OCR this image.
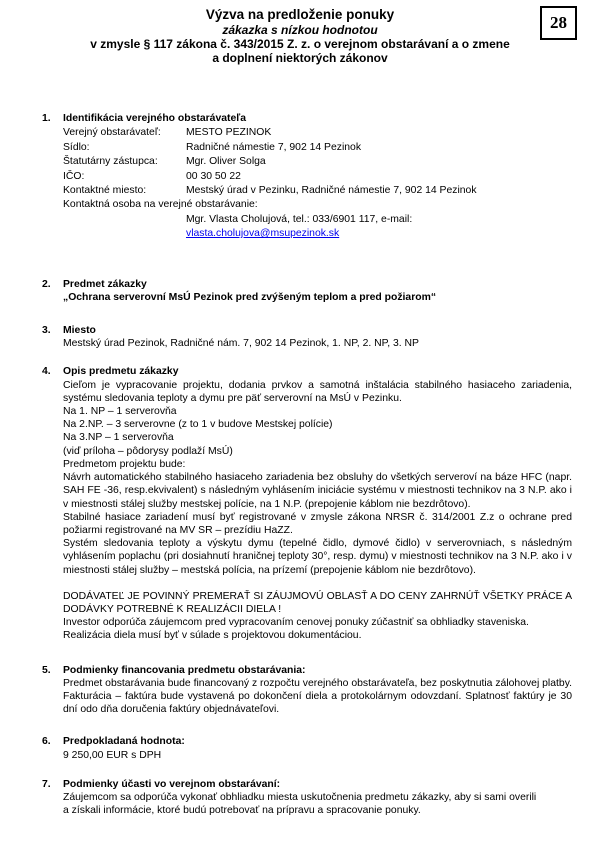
28
Výzva na predloženie ponuky
zákazka s nízkou hodnotou
v zmysle § 117 zákona č. 343/2015 Z. z. o verejnom obstarávaní a o zmene
a doplnení niektorých zákonov
1.	Identifikácia verejného obstarávateľa
Verejný obstarávateľ:	MESTO PEZINOK
Sídlo:	Radničné námestie 7, 902 14 Pezinok
Štatutárny zástupca:	Mgr. Oliver Solga
IČO:	00 30 50 22
Kontaktné miesto:	Mestský úrad v Pezinku, Radničné námestie 7, 902 14 Pezinok
Kontaktná osoba na verejné obstarávanie:
Mgr. Vlasta Cholujová, tel.: 033/6901 117, e-mail:
vlasta.cholujova@msupezinok.sk
2.	Predmet zákazky
„Ochrana serverovní MsÚ Pezinok pred zvýšeným teplom a pred požiarom“
3.	Miesto
Mestský úrad Pezinok, Radničné nám. 7, 902 14 Pezinok, 1. NP, 2. NP, 3. NP
4.	Opis predmetu zákazky
Cieľom je vypracovanie projektu, dodania prvkov a samotná inštalácia stabilného hasiaceho zariadenia, systému sledovania teploty a dymu pre päť serverovní na MsÚ v Pezinku.
Na 1. NP – 1 serverovňa
Na 2.NP. – 3 serverovne (z to 1 v budove Mestskej polície)
Na 3.NP – 1 serverovňa
(viď príloha – pôdorysy podlaží MsÚ)
Predmetom projektu bude:
Návrh automatického stabilného hasiaceho zariadenia bez obsluhy do všetkých serveroví na báze HFC (napr. SAH FE -36, resp.ekvivalent) s následným vyhlásením iniciácie systému v miestnosti technikov na 3 N.P. ako i v miestnosti stálej služby mestskej polície, na 1 N.P. (prepojenie káblom nie bezdrôtovo).
Stabilné hasiace zariadení musí byť registrované v zmysle zákona NRSR č. 314/2001 Z.z o ochrane pred požiarmi registrované na MV SR – prezídiu HaZZ.
Systém sledovania teploty a výskytu dymu (tepelné čidlo, dymové čidlo) v serverovniach, s následným vyhlásením poplachu (pri dosiahnutí hraničnej teploty 30°, resp. dymu) v miestnosti technikov na 3 N.P. ako i v miestnosti stálej služby – mestská polícia, na prízemí (prepojenie káblom nie bezdrôtovo).
DODÁVATEĽ JE POVINNÝ PREMERAŤ SI ZÁUJMOVÚ OBLASŤ A DO CENY ZAHRNÚŤ VŠETKY PRÁCE A DODÁVKY POTREBNÉ K REALIZÁCII DIELA !
Investor odporúča záujemcom pred vypracovaním cenovej ponuky zúčastniť sa obhliadky staveniska.
Realizácia diela musí byť v súlade s projektovou dokumentáciou.
5.	Podmienky financovania predmetu obstarávania:
Predmet obstarávania bude financovaný z rozpočtu verejného obstarávateľa, bez poskytnutia zálohovej platby. Fakturácia – faktúra bude vystavená po dokončení diela a protokolárnym odovzdaní. Splatnosť faktúry je 30 dní odo dňa doručenia faktúry objednávateľovi.
6.	Predpokladaná hodnota:
9 250,00 EUR s DPH
7.	Podmienky účasti vo verejnom obstarávaní:
Záujemcom sa odporúča vykonať obhliadku miesta uskutočnenia predmetu zákazky, aby si sami overili
a získali informácie, ktoré budú potrebovať na prípravu a spracovanie ponuky.
